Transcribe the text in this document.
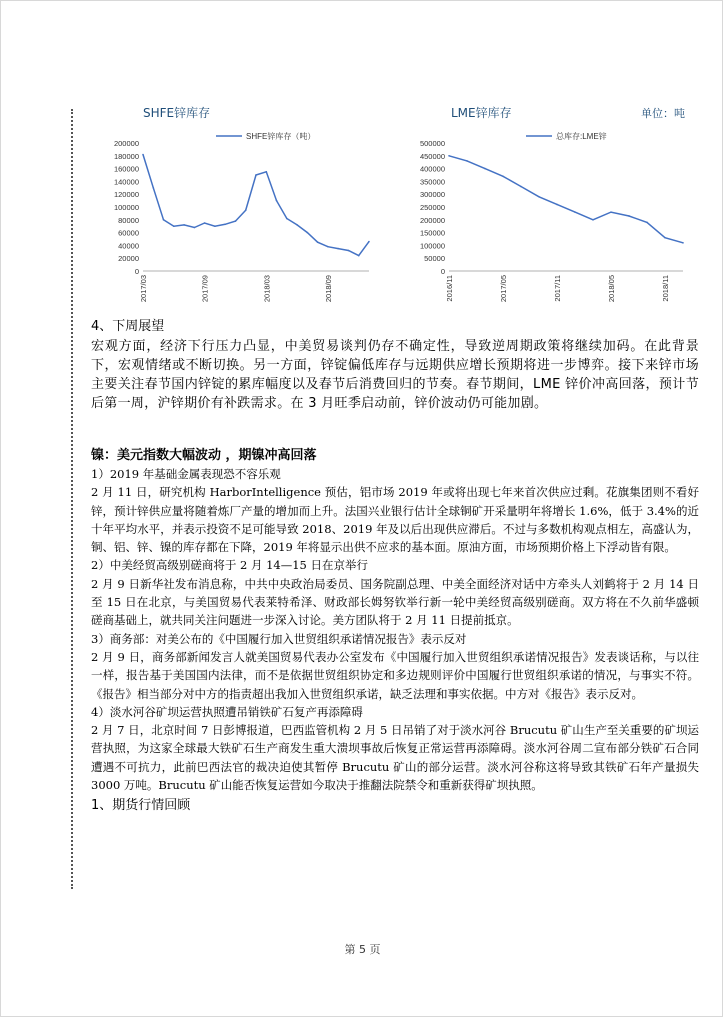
SHFE锌库存	LME锌库存	单位：吨
SHFE锌库存（吨）
0
20000
40000
60000
80000
100000
120000
140000
160000
180000
200000
2017/03	2017/09	2018/03	2018/09
总库存:LME锌
0
50000
100000
150000
200000
250000
300000
350000
400000
450000
500000
2016/11	2017/05	2017/11	2018/05	2018/11
4、下周展望

宏观方面，经济下行压力凸显，中美贸易谈判仍存不确定性，导致逆周期政策将继续加码。在此背景下，宏观情绪或不断切换。另一方面，锌锭偏低库存与远期供应增长预期将进一步博弈。接下来锌市场主要关注春节国内锌锭的累库幅度以及春节后消费回归的节奏。春节期间，LME 锌价冲高回落，预计节后第一周，沪锌期价有补跌需求。在 3 月旺季启动前，锌价波动仍可能加剧。

镍：美元指数大幅波动 ，期镍冲高回落

1）2019 年基础金属表现恐不容乐观

2 月 11 日，研究机构 HarborIntelligence 预估，铝市场 2019 年或将出现七年来首次供应过剩。花旗集团则不看好锌，预计锌供应量将随着炼厂产量的增加而上升。法国兴业银行估计全球铜矿开采量明年将增长 1.6%，低于 3.4%的近十年平均水平，并表示投资不足可能导致 2018、2019 年及以后出现供应滞后。不过与多数机构观点相左，高盛认为，铜、铝、锌、镍的库存都在下降，2019 年将显示出供不应求的基本面。原油方面，市场预期价格上下浮动皆有限。

2）中美经贸高级别磋商将于 2 月 14—15 日在京举行

2 月 9 日新华社发布消息称，中共中央政治局委员、国务院副总理、中美全面经济对话中方牵头人刘鹤将于 2 月 14 日至 15 日在北京，与美国贸易代表莱特希泽、财政部长姆努钦举行新一轮中美经贸高级别磋商。双方将在不久前华盛顿磋商基础上，就共同关注问题进一步深入讨论。美方团队将于 2 月 11 日提前抵京。

3）商务部：对美公布的《中国履行加入世贸组织承诺情况报告》表示反对

2 月 9 日，商务部新闻发言人就美国贸易代表办公室发布《中国履行加入世贸组织承诺情况报告》发表谈话称，与以往一样，报告基于美国国内法律，而不是依据世贸组织协定和多边规则评价中国履行世贸组织承诺的情况，与事实不符。《报告》相当部分对中方的指责超出我加入世贸组织承诺，缺乏法理和事实依据。中方对《报告》表示反对。

4）淡水河谷矿坝运营执照遭吊销铁矿石复产再添障碍

2 月 7 日，北京时间 7 日彭博报道，巴西监管机构 2 月 5 日吊销了对于淡水河谷 Brucutu 矿山生产至关重要的矿坝运营执照，为这家全球最大铁矿石生产商发生重大溃坝事故后恢复正常运营再添障碍。淡水河谷周二宣布部分铁矿石合同遭遇不可抗力，此前巴西法官的裁决迫使其暂停 Brucutu 矿山的部分运营。淡水河谷称这将导致其铁矿石年产量损失 3000 万吨。Brucutu 矿山能否恢复运营如今取决于推翻法院禁令和重新获得矿坝执照。

1、期货行情回顾
第 5 页
